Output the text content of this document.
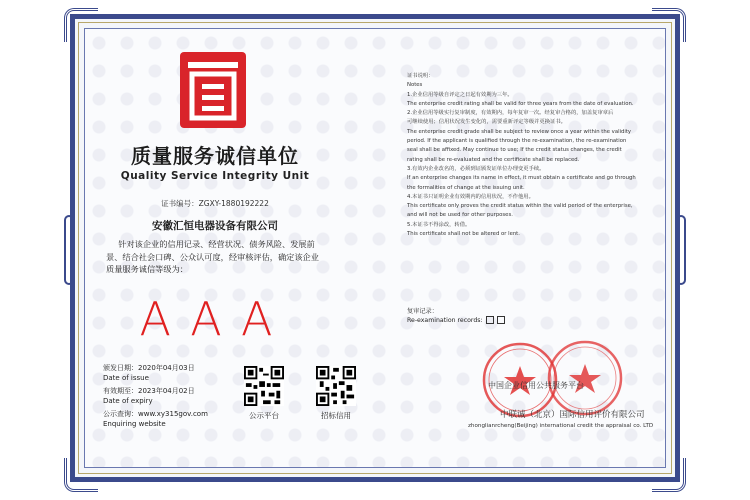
质量服务诚信单位
Quality Service Integrity Unit
证书编号：ZGXY-1880192222
安徽汇恒电器设备有限公司
针对该企业的信用记录、经营状况、债务风险、发展前景、结合社会口碑、公众认可度，经审核评估，确定该企业质量服务诚信等级为：
AAA
颁发日期：2020年04月03日
Date of issue
有效期至：2023年04月02日
Date of expiry
公示查询：www.xy315gov.com
Enquiring website
公示平台	招标信用
证书说明：
Notes
1.企业信用等级自评定之日起有效期为三年。
The enterprise credit rating shall be valid for three years from the date of evaluation.
2.企业信用等级实行复审制度，有效期内，每年复审一次。经复审合格的，加盖复审章后
可继续使用；信用状况发生变化的，需要重新评定等级并更换证书。
The enterprise credit grade shall be subject to review once a year within the validity
period. If the applicant is qualified through the re-examination, the re-examination
seal shall be affixed. May continue to use; If the credit status changes, the credit
rating shall be re-evaluated and the certificate shall be replaced.
3.有效内企业改名的，必须到证颁发证单位办理变更手续。
If an enterprise changes its name in effect, it must obtain a certificate and go through
the formalities of change at the issuing unit.
4.本证书只证明企业有效期内的信用状况，不作他用。
This certificate only proves the credit status within the valid period of the enterprise,
and will not be used for other purposes.
5.本证书不得涂改，转借。
This certificate shall not be altered or lent.
复审记录：
Re-examination records:
中国企业信用公共服务平台
中联诚（北京）国际信用评价有限公司
zhonglianrcheng(Beijing) international credit the appraisal co. LTD
